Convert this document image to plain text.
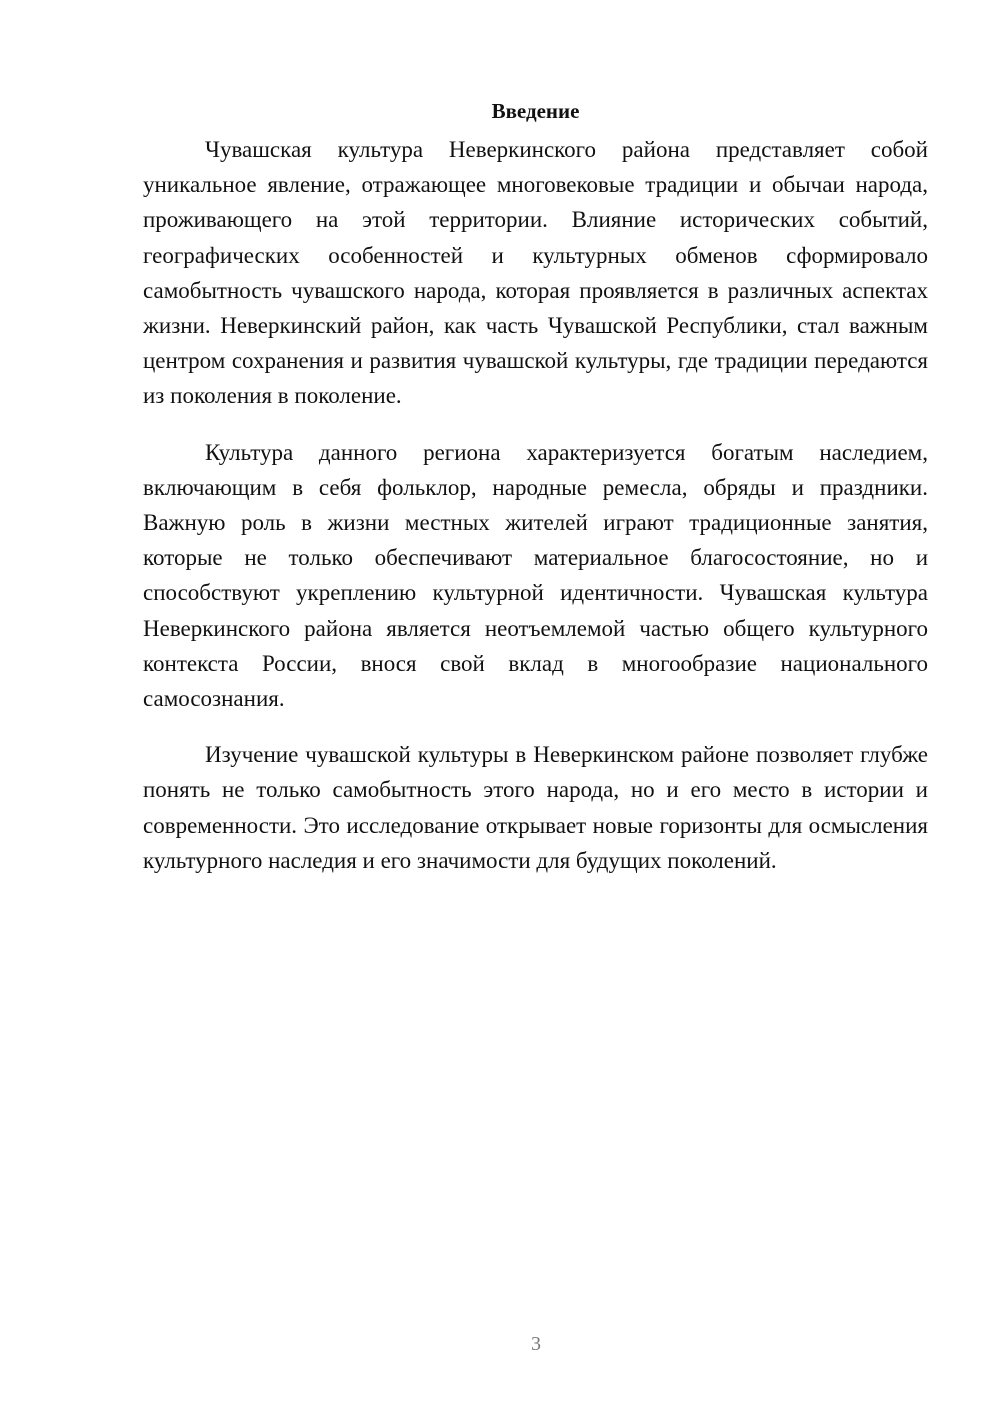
Введение

Чувашская культура Неверкинского района представляет собой уникальное явление, отражающее многовековые традиции и обычаи народа, проживающего на этой территории. Влияние исторических событий, географических особенностей и культурных обменов сформировало самобытность чувашского народа, которая проявляется в различных аспектах жизни. Неверкинский район, как часть Чувашской Республики, стал важным центром сохранения и развития чувашской культуры, где традиции передаются из поколения в поколение.

Культура данного региона характеризуется богатым наследием, включающим в себя фольклор, народные ремесла, обряды и праздники. Важную роль в жизни местных жителей играют традиционные занятия, которые не только обеспечивают материальное благосостояние, но и способствуют укреплению культурной идентичности. Чувашская культура Неверкинского района является неотъемлемой частью общего культурного контекста России, внося свой вклад в многообразие национального самосознания.

Изучение чувашской культуры в Неверкинском районе позволяет глубже понять не только самобытность этого народа, но и его место в истории и современности. Это исследование открывает новые горизонты для осмысления культурного наследия и его значимости для будущих поколений.

3
